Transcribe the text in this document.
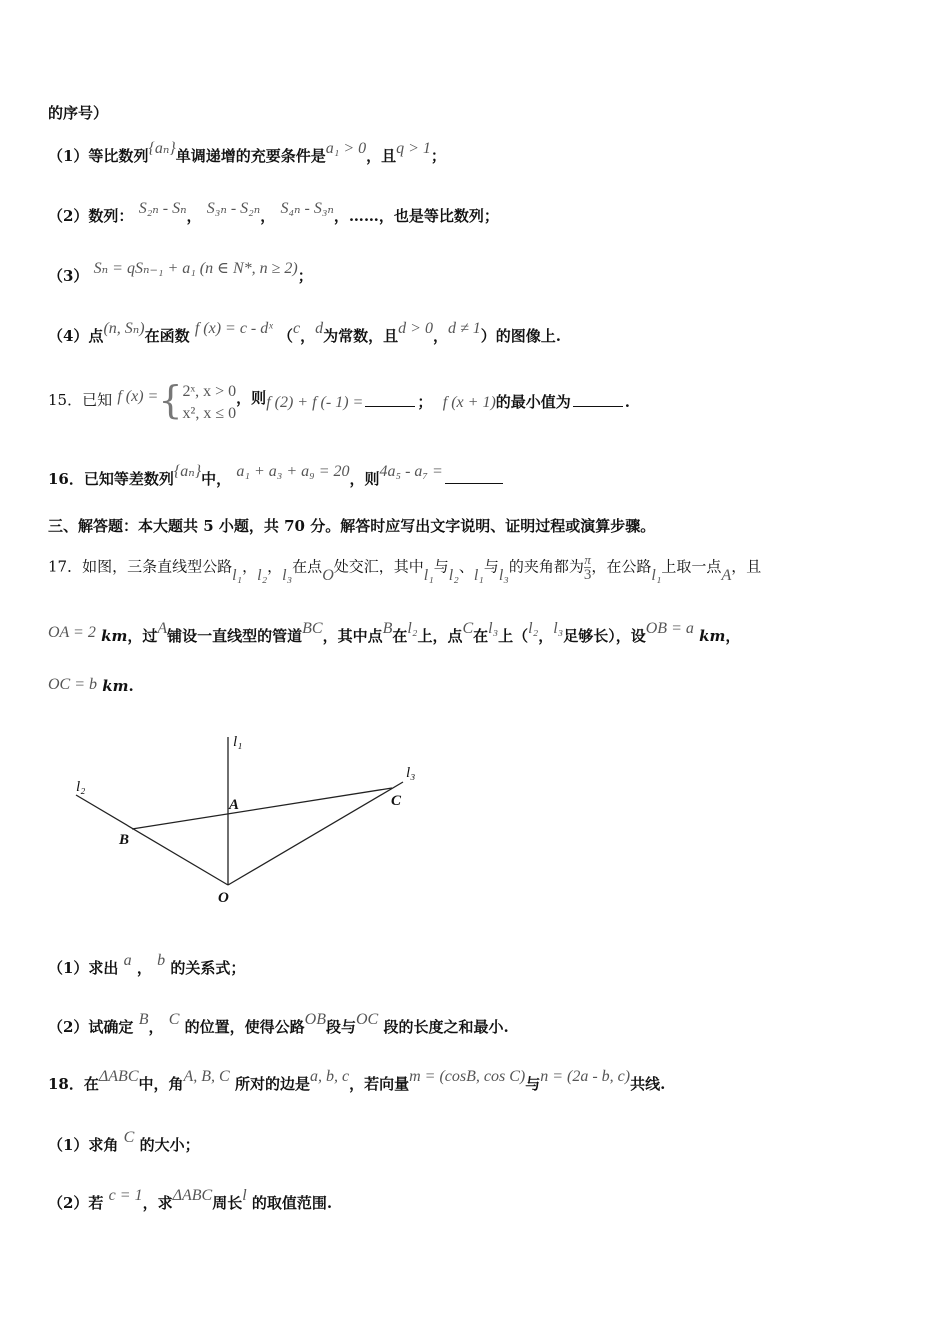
的序号）
（1）等比数列{aₙ}单调递增的充要条件是a₁ > 0，且q > 1；
（2）数列： S₂ₙ - Sₙ， S₃ₙ - S₂ₙ， S₄ₙ - S₃ₙ，……，也是等比数列；
（3） Sₙ = qSₙ₋₁ + a₁ (n ∈ N*, n ≥ 2)；
（4）点(n, Sₙ)在函数 f (x) = c - dˣ （c，d为常数，且d > 0，d ≠ 1）的图像上.
15．已知 f (x) ={ 2ˣ, x > 0
x², x ≤ 0
，则f (2) + f (- 1) =	； f (x + 1)的最小值为	.
16．已知等差数列{aₙ}中， a₁ + a₃ + a₉ = 20，则4a₅ - a₇ =
三、解答题：本大题共 5 小题，共 70 分。解答时应写出文字说明、证明过程或演算步骤。
17．如图，三条直线型公路l₁，l₂，l₃在点O处交汇，其中l₁与l₂、l₁与l₃的夹角都为 $\frac{\pi}{3}$ ，在公路l₁上取一点A，且
OA = 2 km，过A铺设一直线型的管道BC，其中点B在l₂上，点C在l₃上（l₂，l₃足够长），设OB = a km，
OC = b km.
l₁
l₂
l₃
A
B
C
O
（1）求出 a ， b 的关系式；
（2）试确定 B， C 的位置，使得公路OB段与OC 段的长度之和最小.
18．在ΔABC中，角A, B, C 所对的边是a, b, c，若向量m = (cosB, cos C)与n = (2a - b, c)共线.
（1）求角 C 的大小；
（2）若 c = 1，求ΔABC周长l 的取值范围.
